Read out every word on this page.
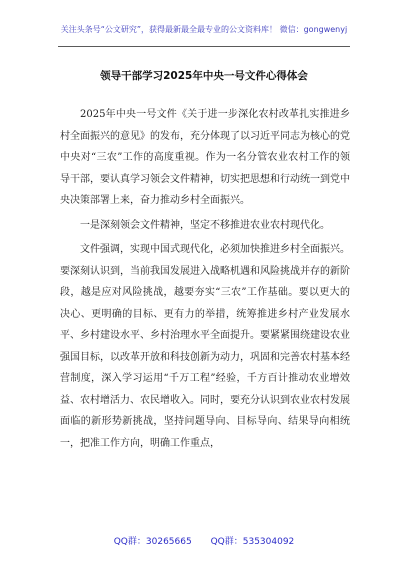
关注头条号“公文研究”，获得最新最全最专业的公文资料库！ 微信：gongwenyj
领导干部学习2025年中央一号文件心得体会

2025年中央一号文件《关于进一步深化农村改革扎实推进乡村全面振兴的意见》的发布，充分体现了以习近平同志为核心的党中央对“三农”工作的高度重视。作为一名分管农业农村工作的领导干部，要认真学习领会文件精神，切实把思想和行动统一到党中央决策部署上来，奋力推动乡村全面振兴。

一是深刻领会文件精神，坚定不移推进农业农村现代化。

文件强调，实现中国式现代化，必须加快推进乡村全面振兴。要深刻认识到，当前我国发展进入战略机遇和风险挑战并存的新阶段，越是应对风险挑战，越要夯实“三农”工作基础。要以更大的决心、更明确的目标、更有力的举措，统筹推进乡村产业发展水平、乡村建设水平、乡村治理水平全面提升。要紧紧围绕建设农业强国目标，以改革开放和科技创新为动力，巩固和完善农村基本经营制度，深入学习运用“千万工程”经验，千方百计推动农业增效益、农村增活力、农民增收入。同时，要充分认识到农业农村发展面临的新形势新挑战，坚持问题导向、目标导向、结果导向相统一，把准工作方向，明确工作重点，

QQ群：30265665 QQ群：535304092
